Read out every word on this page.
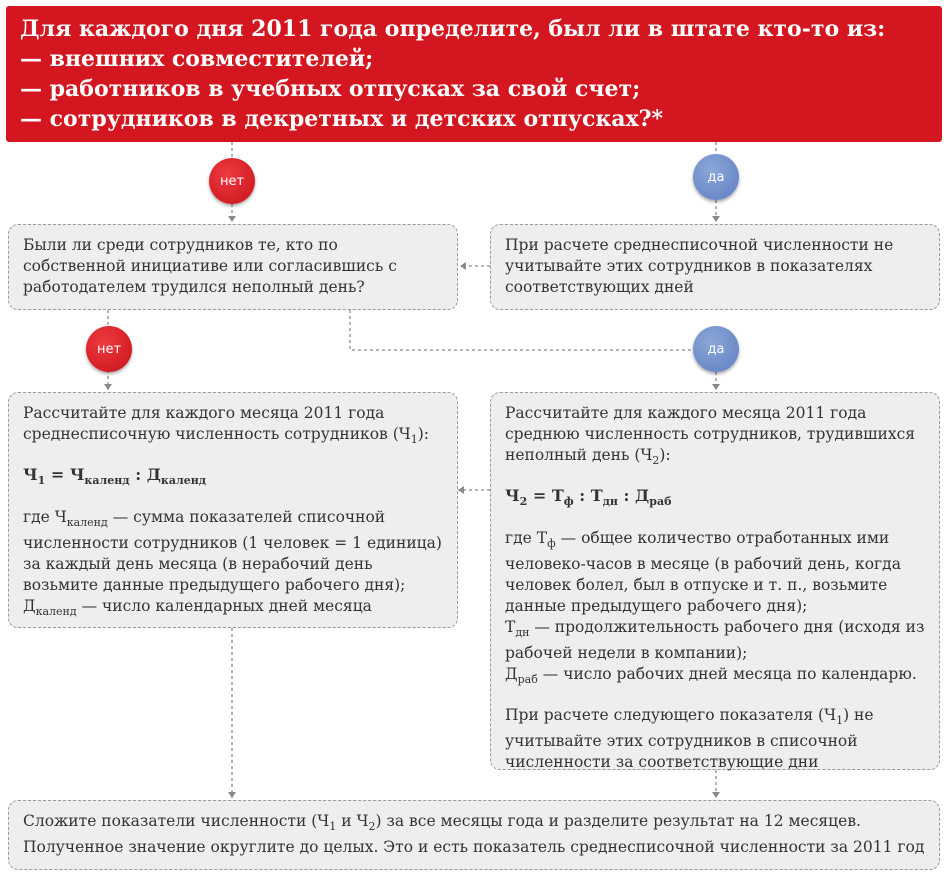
Для каждого дня 2011 года определите, был ли в штате кто-то из:
— внешних совместителей;
— работников в учебных отпусках за свой счет;
— сотрудников в декретных и детских отпусках?*
нет	да

Были ли среди сотрудников те, кто по собственной инициативе или согласившись с работодателем трудился неполный день?

При расчете среднесписочной численности не учитывайте этих сотрудников в показателях соответствующих дней

нет	да

Рассчитайте для каждого месяца 2011 года среднесписочную численность сотрудников $(Ч_1)$:

$Ч_1 = Ч_{календ}$ : $Д_{календ}$

где $Ч_{календ}$ — сумма показателей списочной численности сотрудников (1 человек = 1 единица) за каждый день месяца (в нерабочий день возьмите данные предыдущего рабочего дня);

$Д_{календ}$ — число календарных дней месяца

Рассчитайте для каждого месяца 2011 года среднюю численность сотрудников, трудившихся неполный день $(Ч_2)$:

$Ч_2 = Т_ф$ : $Т_{дн}$ : $Д_{раб}$

где $Т_ф$ — общее количество отработанных ими человеко-часов в месяце (в рабочий день, когда человек болел, был в отпуске и т. п., возьмите данные предыдущего рабочего дня);

$Т_{дн}$ — продолжительность рабочего дня (исходя из рабочей недели в компании);

$Д_{раб}$ — число рабочих дней месяца по календарю.

При расчете следующего показателя $(Ч_1)$ не учитывайте этих сотрудников в списочной численности за соответствующие дни

Сложите показатели численности ($Ч_1$ и $Ч_2$) за все месяцы года и разделите результат на 12 месяцев.

Полученное значение округлите до целых. Это и есть показатель среднесписочной численности за 2011 год
